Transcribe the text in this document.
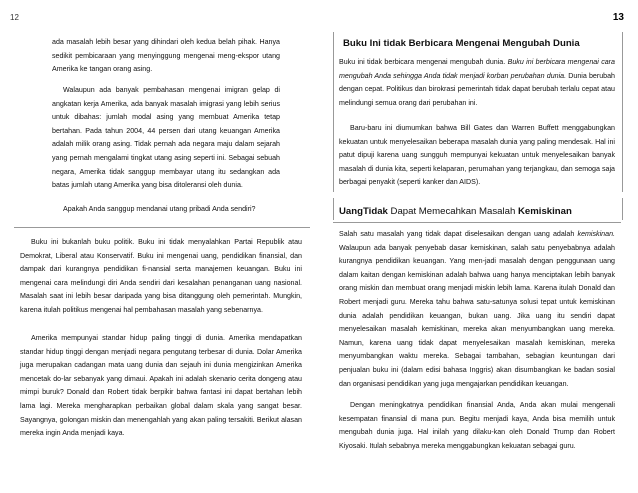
12

ada masalah lebih besar yang dihindari oleh kedua belah pihak. Hanya sedikit pembicaraan yang menyinggung mengenai meng-ekspor utang Amerika ke tangan orang asing.

Walaupun ada banyak pembahasan mengenai imigran gelap di angkatan kerja Amerika, ada banyak masalah imigrasi yang lebih serius untuk dibahas: jumlah modal asing yang membuat Amerika tetap bertahan. Pada tahun 2004, 44 persen dari utang keuangan Amerika adalah milik orang asing. Tidak pernah ada negara maju dalam sejarah yang pernah mengalami tingkat utang asing seperti ini. Sebagai sebuah negara, Amerika tidak sanggup membayar utang itu sedangkan ada batas jumlah utang Amerika yang bisa ditoleransi oleh dunia.

Apakah Anda sanggup mendanai utang pribadi Anda sendiri?

Buku ini bukanlah buku politik. Buku ini tidak menyalahkan Partai Republik atau Demokrat, Liberal atau Konservatif. Buku ini mengenai uang, pendidikan finansial, dan dampak dari kurangnya pendidikan fi-nansial serta manajemen keuangan. Buku ini mengenai cara melindungi diri Anda sendiri dari kesalahan penanganan uang nasional. Masalah saat ini lebih besar daripada yang bisa ditanggung oleh pemerintah. Mungkin, karena itulah politikus mengenai hal pembahasan masalah yang sebenarnya.

Amerika mempunyai standar hidup paling tinggi di dunia. Amerika mendapatkan standar hidup tinggi dengan menjadi negara pengutang terbesar di dunia. Dolar Amerika juga merupakan cadangan mata uang dunia dan sejauh ini dunia mengizinkan Amerika mencetak do-lar sebanyak yang dimaui. Apakah ini adalah skenario cerita dongeng atau mimpi buruk? Donald dan Robert tidak berpikir bahwa fantasi ini dapat bertahan lebih lama lagi. Mereka mengharapkan perbaikan global dalam skala yang sangat besar. Sayangnya, golongan miskin dan menengahlah yang akan paling tersakiti. Berikut alasan mereka ingin Anda menjadi kaya.

13
Buku Ini tidak Berbicara Mengenai Mengubah Dunia

Buku ini tidak berbicara mengenai mengubah dunia. Buku ini berbicara mengenai cara mengubah Anda sehingga Anda tidak menjadi korban perubahan dunia. Dunia berubah dengan cepat. Politikus dan birokrasi pemerintah tidak dapat berubah terlalu cepat atau melindungi semua orang dari perubahan ini.

Baru-baru ini diumumkan bahwa Bill Gates dan Warren Buffett menggabungkan kekuatan untuk menyelesaikan beberapa masalah dunia yang paling mendesak. Hal ini patut dipuji karena uang sungguh mempunyai kekuatan untuk menyelesaikan banyak masalah di dunia kita, seperti kelaparan, perumahan yang terjangkau, dan semoga saja berbagai penyakit (seperti kanker dan AIDS).

UangTidak Dapat Memecahkan Masalah Kemiskinan

Salah satu masalah yang tidak dapat diselesaikan dengan uang adalah kemiskinan. Walaupun ada banyak penyebab dasar kemiskinan, salah satu penyebabnya adalah kurangnya pendidikan keuangan. Yang men-jadi masalah dengan penggunaan uang dalam kaitan dengan kemiskinan adalah bahwa uang hanya menciptakan lebih banyak orang miskin dan membuat orang menjadi miskin lebih lama. Karena itulah Donald dan Robert menjadi guru. Mereka tahu bahwa satu-satunya solusi tepat untuk kemiskinan dunia adalah pendidikan keuangan, bukan uang. Jika uang itu sendiri dapat menyelesaikan masalah kemiskinan, mereka akan menyumbangkan uang mereka. Namun, karena uang tidak dapat menyelesaikan masalah kemiskinan, mereka menyumbangkan waktu mereka. Sebagai tambahan, sebagian keuntungan dari penjualan buku ini (dalam edisi bahasa Inggris) akan disumbangkan ke badan sosial dan organisasi pendidikan yang juga mengajarkan pendidikan keuangan.

Dengan meningkatnya pendidikan finansial Anda, Anda akan mulai mengenali kesempatan finansial di mana pun. Begitu menjadi kaya, Anda bisa memilih untuk mengubah dunia juga. Hal inilah yang dilaku-kan oleh Donald Trump dan Robert Kiyosaki. Itulah sebabnya mereka menggabungkan kekuatan sebagai guru.
